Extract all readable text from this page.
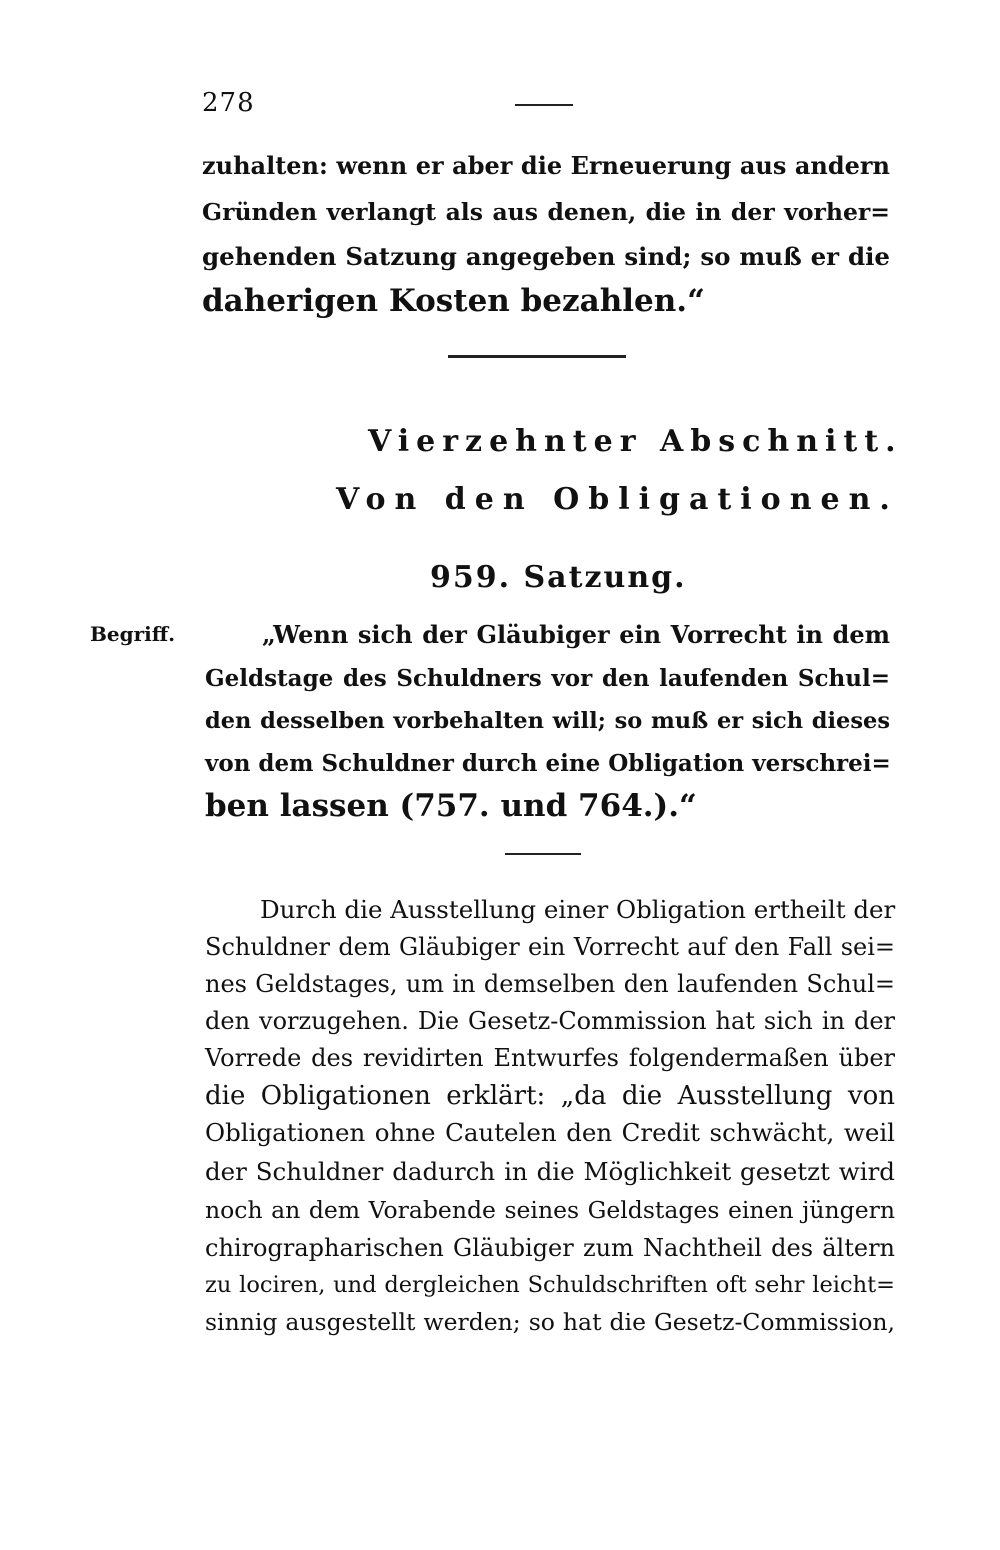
278
zuhalten: wenn er aber die Erneuerung aus andern
Gründen verlangt als aus denen, die in der vorher=
gehenden Satzung angegeben sind; so muß er die
daherigen Kosten bezahlen.“
Vierzehnter Abschnitt.
Von den Obligationen.
959. Satzung.
Begriff.	„Wenn sich der Gläubiger ein Vorrecht in dem
Geldstage des Schuldners vor den laufenden Schul=
den desselben vorbehalten will; so muß er sich dieses
von dem Schuldner durch eine Obligation verschrei=
ben lassen (757. und 764.).“
Durch die Ausstellung einer Obligation ertheilt der
Schuldner dem Gläubiger ein Vorrecht auf den Fall sei=
nes Geldstages, um in demselben den laufenden Schul=
den vorzugehen. Die Gesetz-Commission hat sich in der
Vorrede des revidirten Entwurfes folgendermaßen über
die Obligationen erklärt: „da die Ausstellung von
Obligationen ohne Cautelen den Credit schwächt, weil
der Schuldner dadurch in die Möglichkeit gesetzt wird
noch an dem Vorabende seines Geldstages einen jüngern
chirographarischen Gläubiger zum Nachtheil des ältern
zu lociren, und dergleichen Schuldschriften oft sehr leicht=
sinnig ausgestellt werden; so hat die Gesetz-Commission,
